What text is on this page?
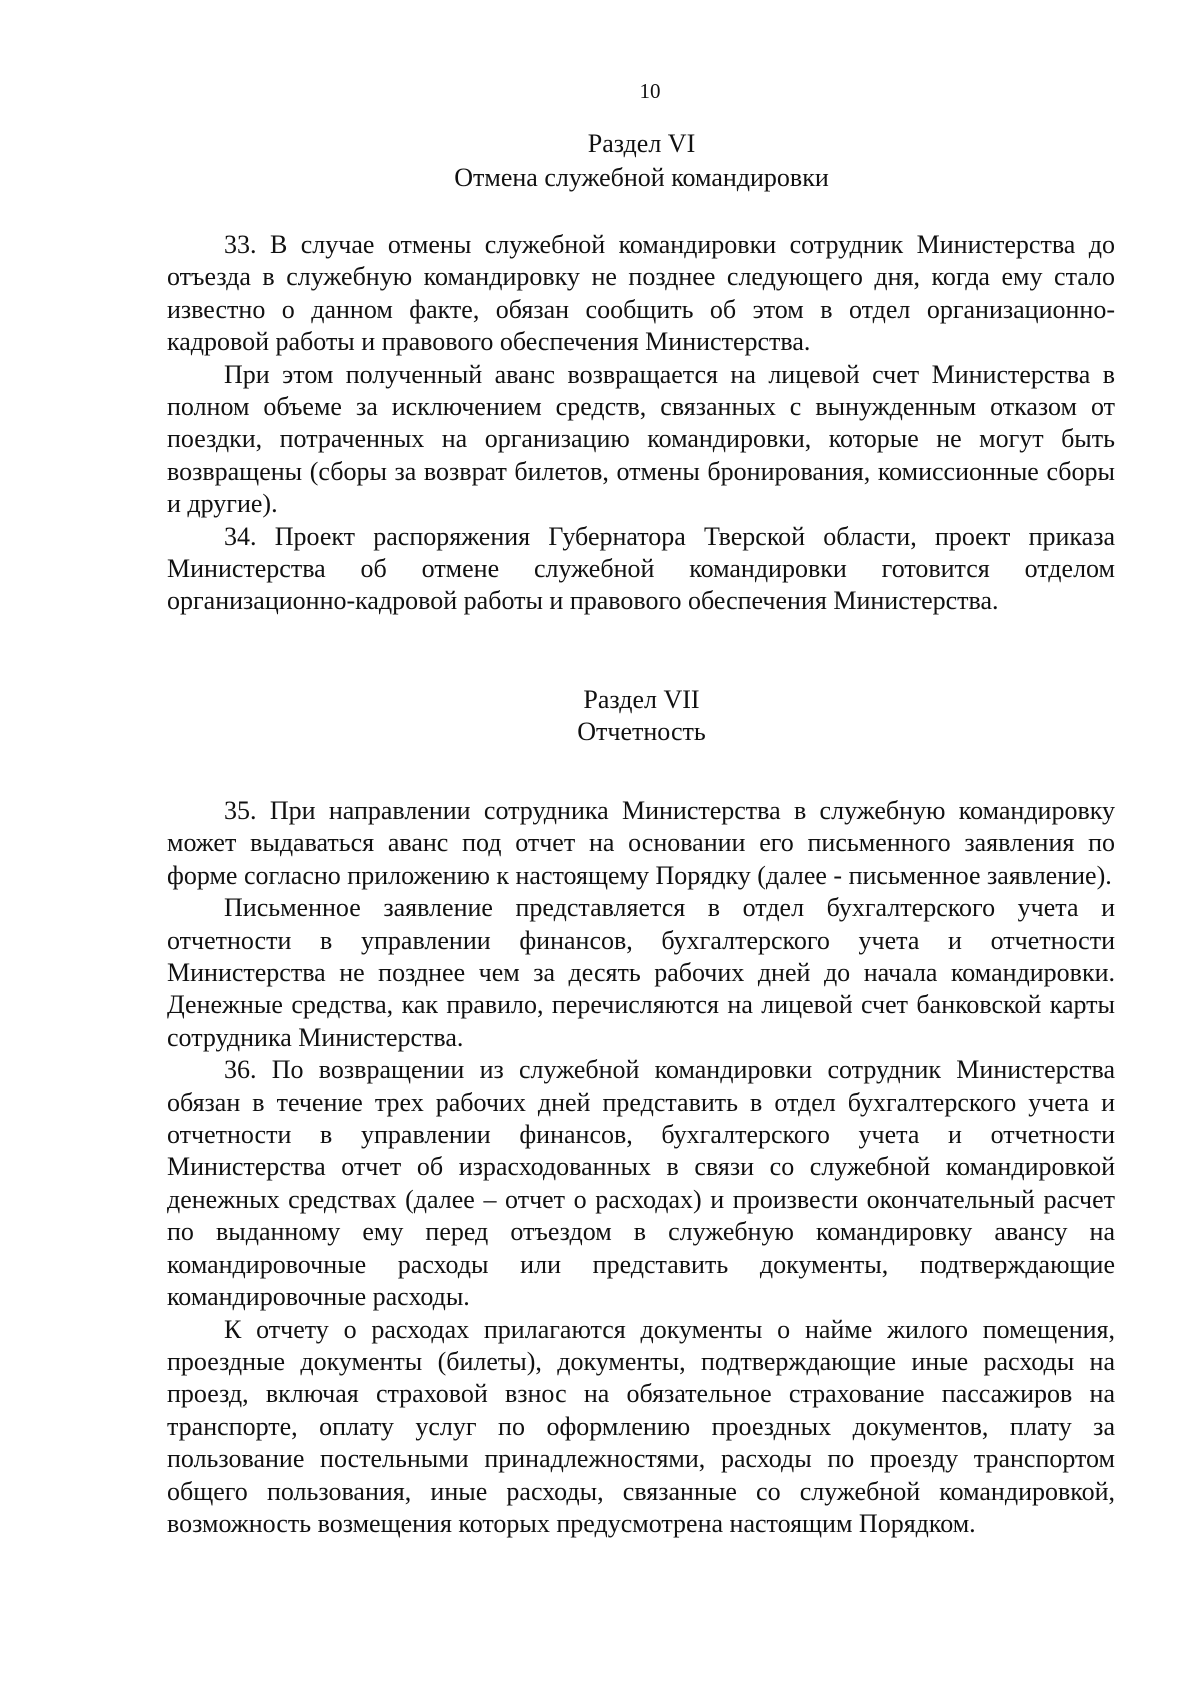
10
Раздел VI
Отмена служебной командировки

33. В случае отмены служебной командировки сотрудник Министерства до отъезда в служебную командировку не позднее следующего дня, когда ему стало известно о данном факте, обязан сообщить об этом в отдел организационно-кадровой работы и правового обеспечения Министерства.

При этом полученный аванс возвращается на лицевой счет Министерства в полном объеме за исключением средств, связанных с вынужденным отказом от поездки, потраченных на организацию командировки, которые не могут быть возвращены (сборы за возврат билетов, отмены бронирования, комиссионные сборы и другие).

34. Проект распоряжения Губернатора Тверской области, проект приказа Министерства об отмене служебной командировки готовится отделом организационно-кадровой работы и правового обеспечения Министерства.

Раздел VII
Отчетность

35. При направлении сотрудника Министерства в служебную командировку может выдаваться аванс под отчет на основании его письменного заявления по форме согласно приложению к настоящему Порядку (далее - письменное заявление).

Письменное заявление представляется в отдел бухгалтерского учета и отчетности в управлении финансов, бухгалтерского учета и отчетности Министерства не позднее чем за десять рабочих дней до начала командировки. Денежные средства, как правило, перечисляются на лицевой счет банковской карты сотрудника Министерства.

36. По возвращении из служебной командировки сотрудник Министерства обязан в течение трех рабочих дней представить в отдел бухгалтерского учета и отчетности в управлении финансов, бухгалтерского учета и отчетности Министерства отчет об израсходованных в связи со служебной командировкой денежных средствах (далее – отчет о расходах) и произвести окончательный расчет по выданному ему перед отъездом в служебную командировку авансу на командировочные расходы или представить документы, подтверждающие командировочные расходы.

К отчету о расходах прилагаются документы о найме жилого помещения, проездные документы (билеты), документы, подтверждающие иные расходы на проезд, включая страховой взнос на обязательное страхование пассажиров на транспорте, оплату услуг по оформлению проездных документов, плату за пользование постельными принадлежностями, расходы по проезду транспортом общего пользования, иные расходы, связанные со служебной командировкой, возможность возмещения которых предусмотрена настоящим Порядком.
